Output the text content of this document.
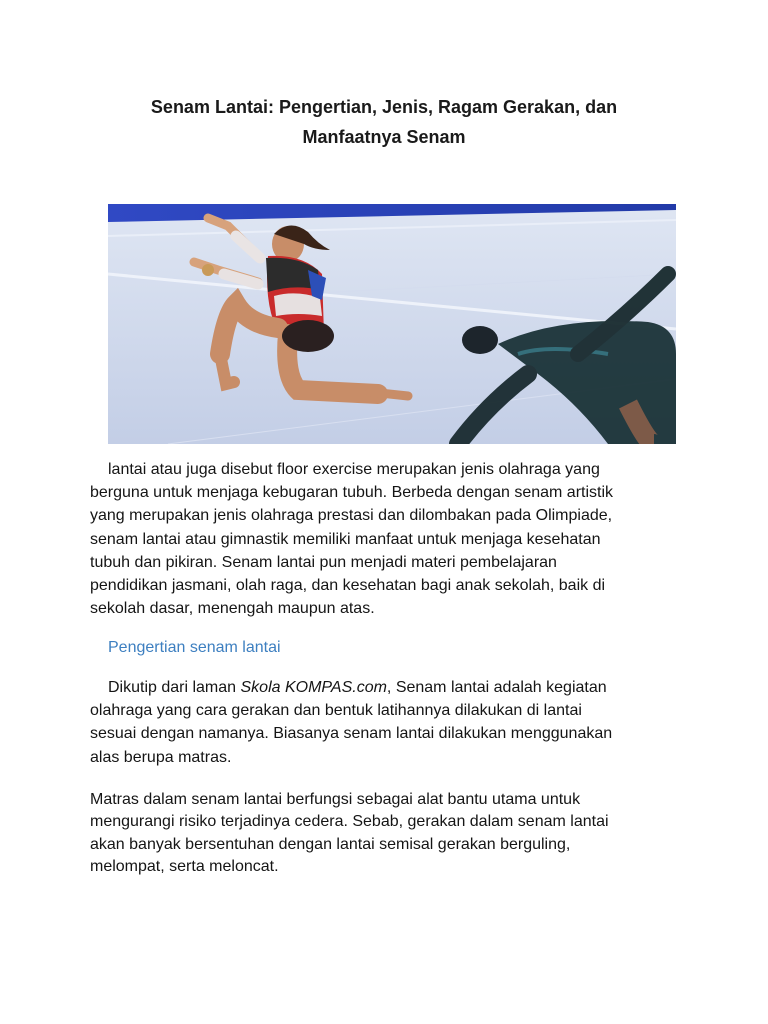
Senam Lantai: Pengertian, Jenis, Ragam Gerakan, dan
Manfaatnya Senam
lantai atau juga disebut floor exercise merupakan jenis olahraga yang
berguna untuk menjaga kebugaran tubuh. Berbeda dengan senam artistik
yang merupakan jenis olahraga prestasi dan dilombakan pada Olimpiade,
senam lantai atau gimnastik memiliki manfaat untuk menjaga kesehatan
tubuh dan pikiran. Senam lantai pun menjadi materi pembelajaran
pendidikan jasmani, olah raga, dan kesehatan bagi anak sekolah, baik di
sekolah dasar, menengah maupun atas.
Pengertian senam lantai
Dikutip dari laman Skola KOMPAS.com, Senam lantai adalah kegiatan
olahraga yang cara gerakan dan bentuk latihannya dilakukan di lantai
sesuai dengan namanya. Biasanya senam lantai dilakukan menggunakan
alas berupa matras.
Matras dalam senam lantai berfungsi sebagai alat bantu utama untuk
mengurangi risiko terjadinya cedera. Sebab, gerakan dalam senam lantai
akan banyak bersentuhan dengan lantai semisal gerakan berguling,
melompat, serta meloncat.
